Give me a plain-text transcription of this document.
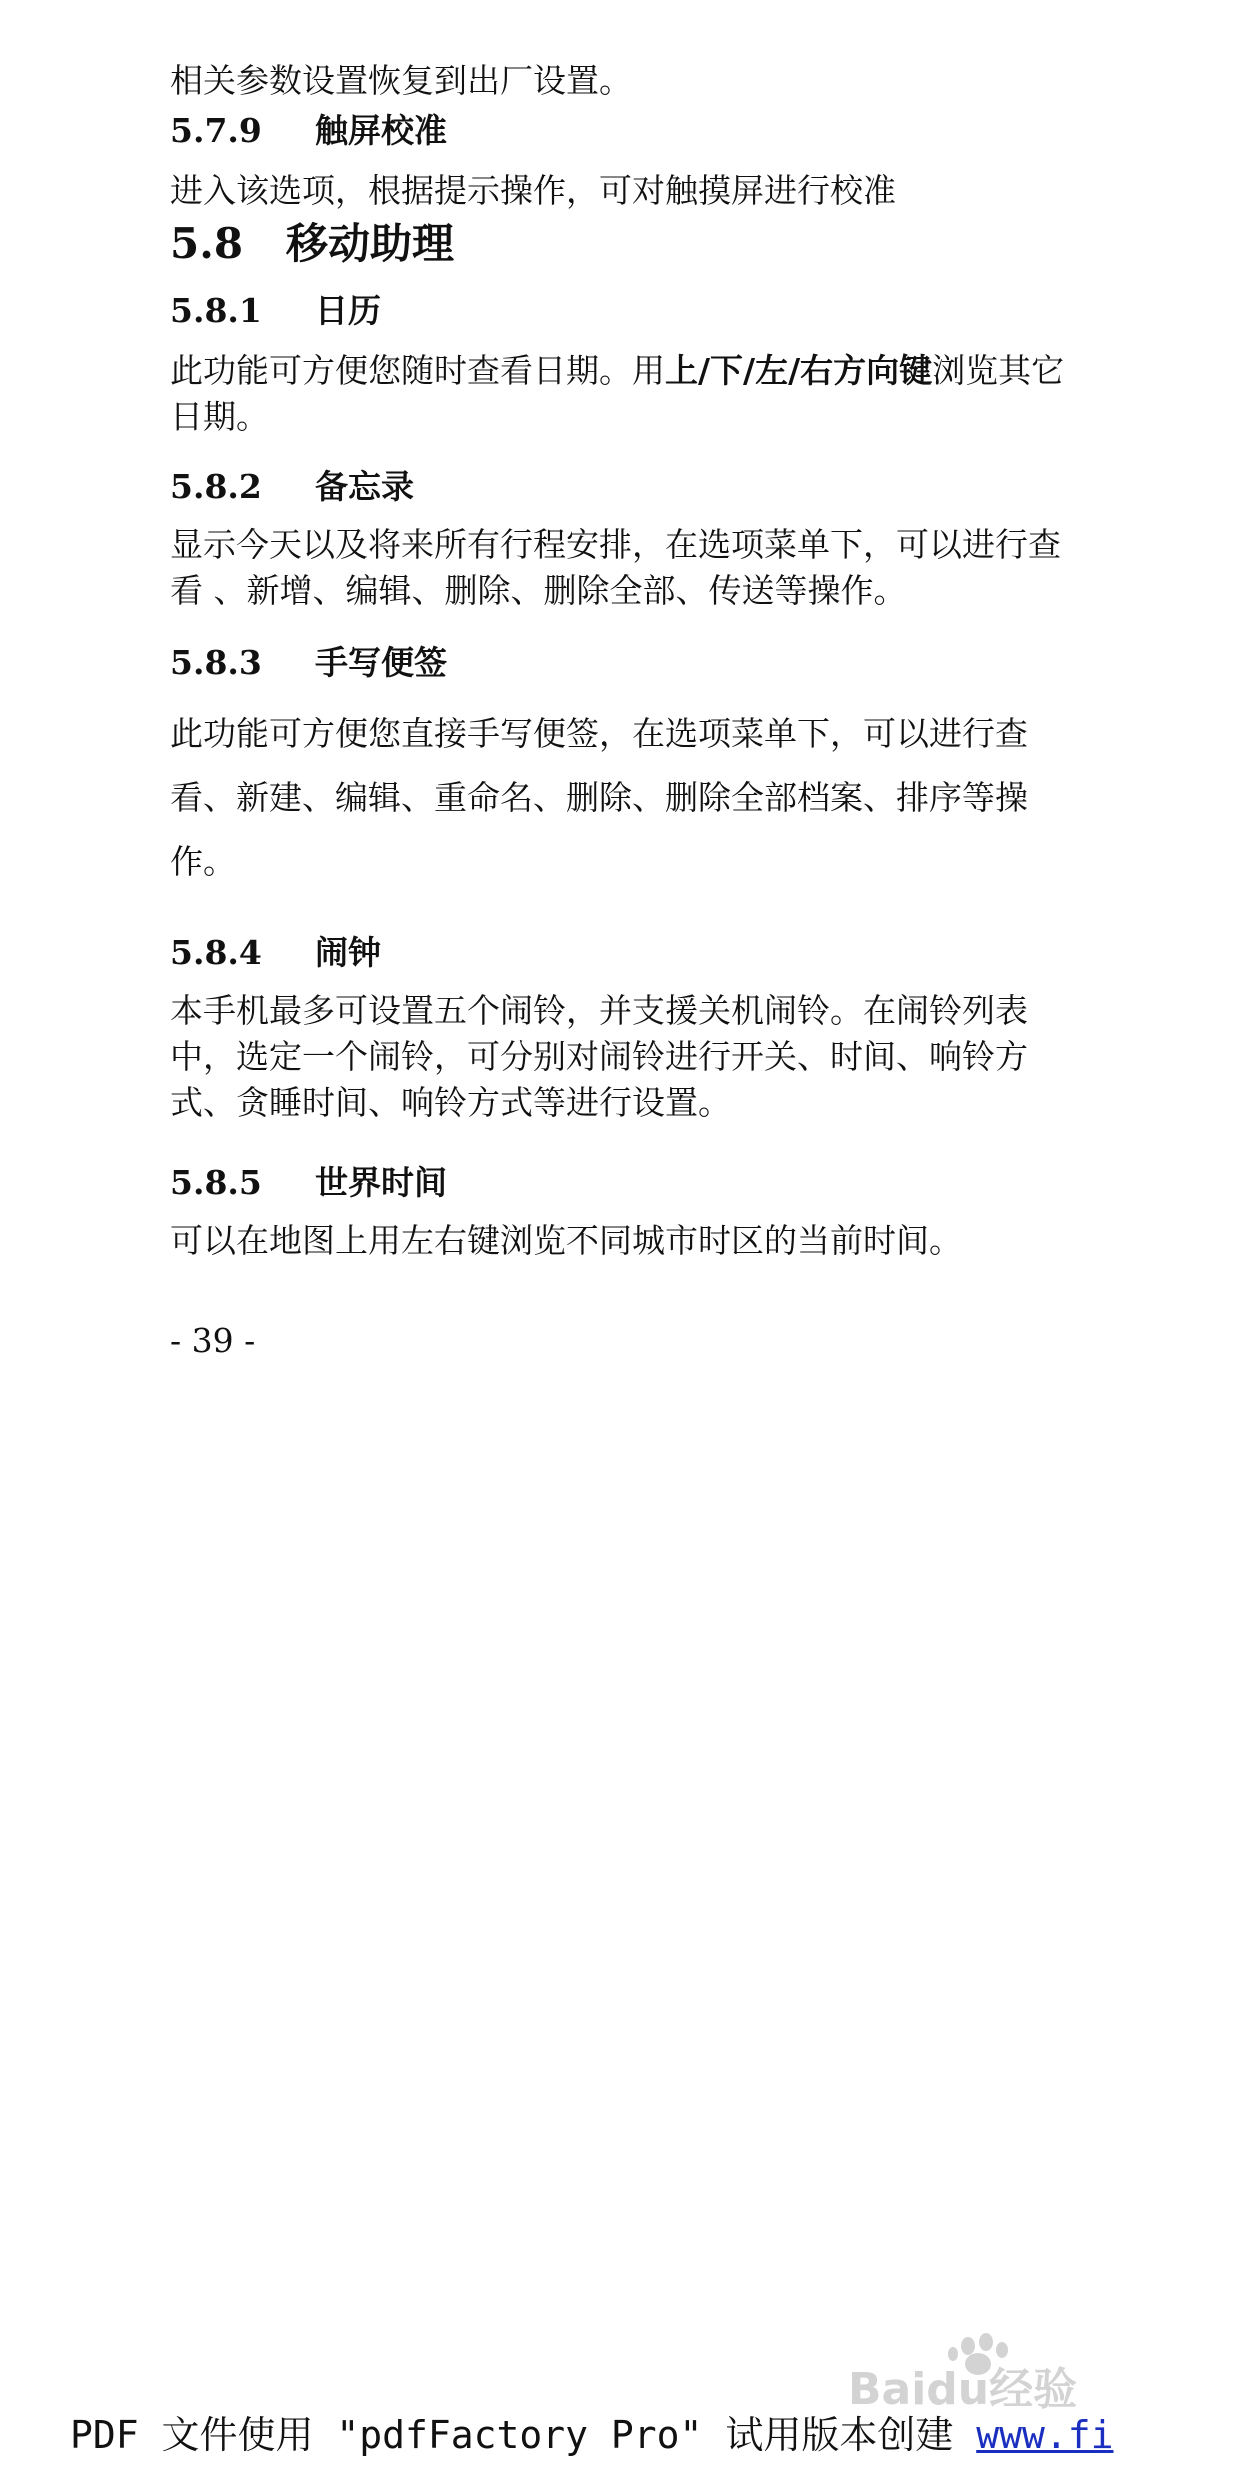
相关参数设置恢复到出厂设置。

5.7.9	触屏校准

进入该选项，根据提示操作，可对触摸屏进行校准

5.8	移动助理
5.8.1	日历

此功能可方便您随时查看日期。用上/下/左/右方向键浏览其它日期。

5.8.2	备忘录

显示今天以及将来所有行程安排，在选项菜单下，可以进行查看 、新增、编辑、删除、删除全部、传送等操作。

5.8.3	手写便签

此功能可方便您直接手写便签，在选项菜单下，可以进行查看、新建、编辑、重命名、删除、删除全部档案、排序等操作。

5.8.4	闹钟

本手机最多可设置五个闹铃，并支援关机闹铃。在闹铃列表中，选定一个闹铃，可分别对闹铃进行开关、时间、响铃方式、贪睡时间、响铃方式等进行设置。

5.8.5	世界时间

可以在地图上用左右键浏览不同城市时区的当前时间。

- 39 -
Baidu经验
PDF 文件使用 "pdfFactory Pro" 试用版本创建 www.fi
